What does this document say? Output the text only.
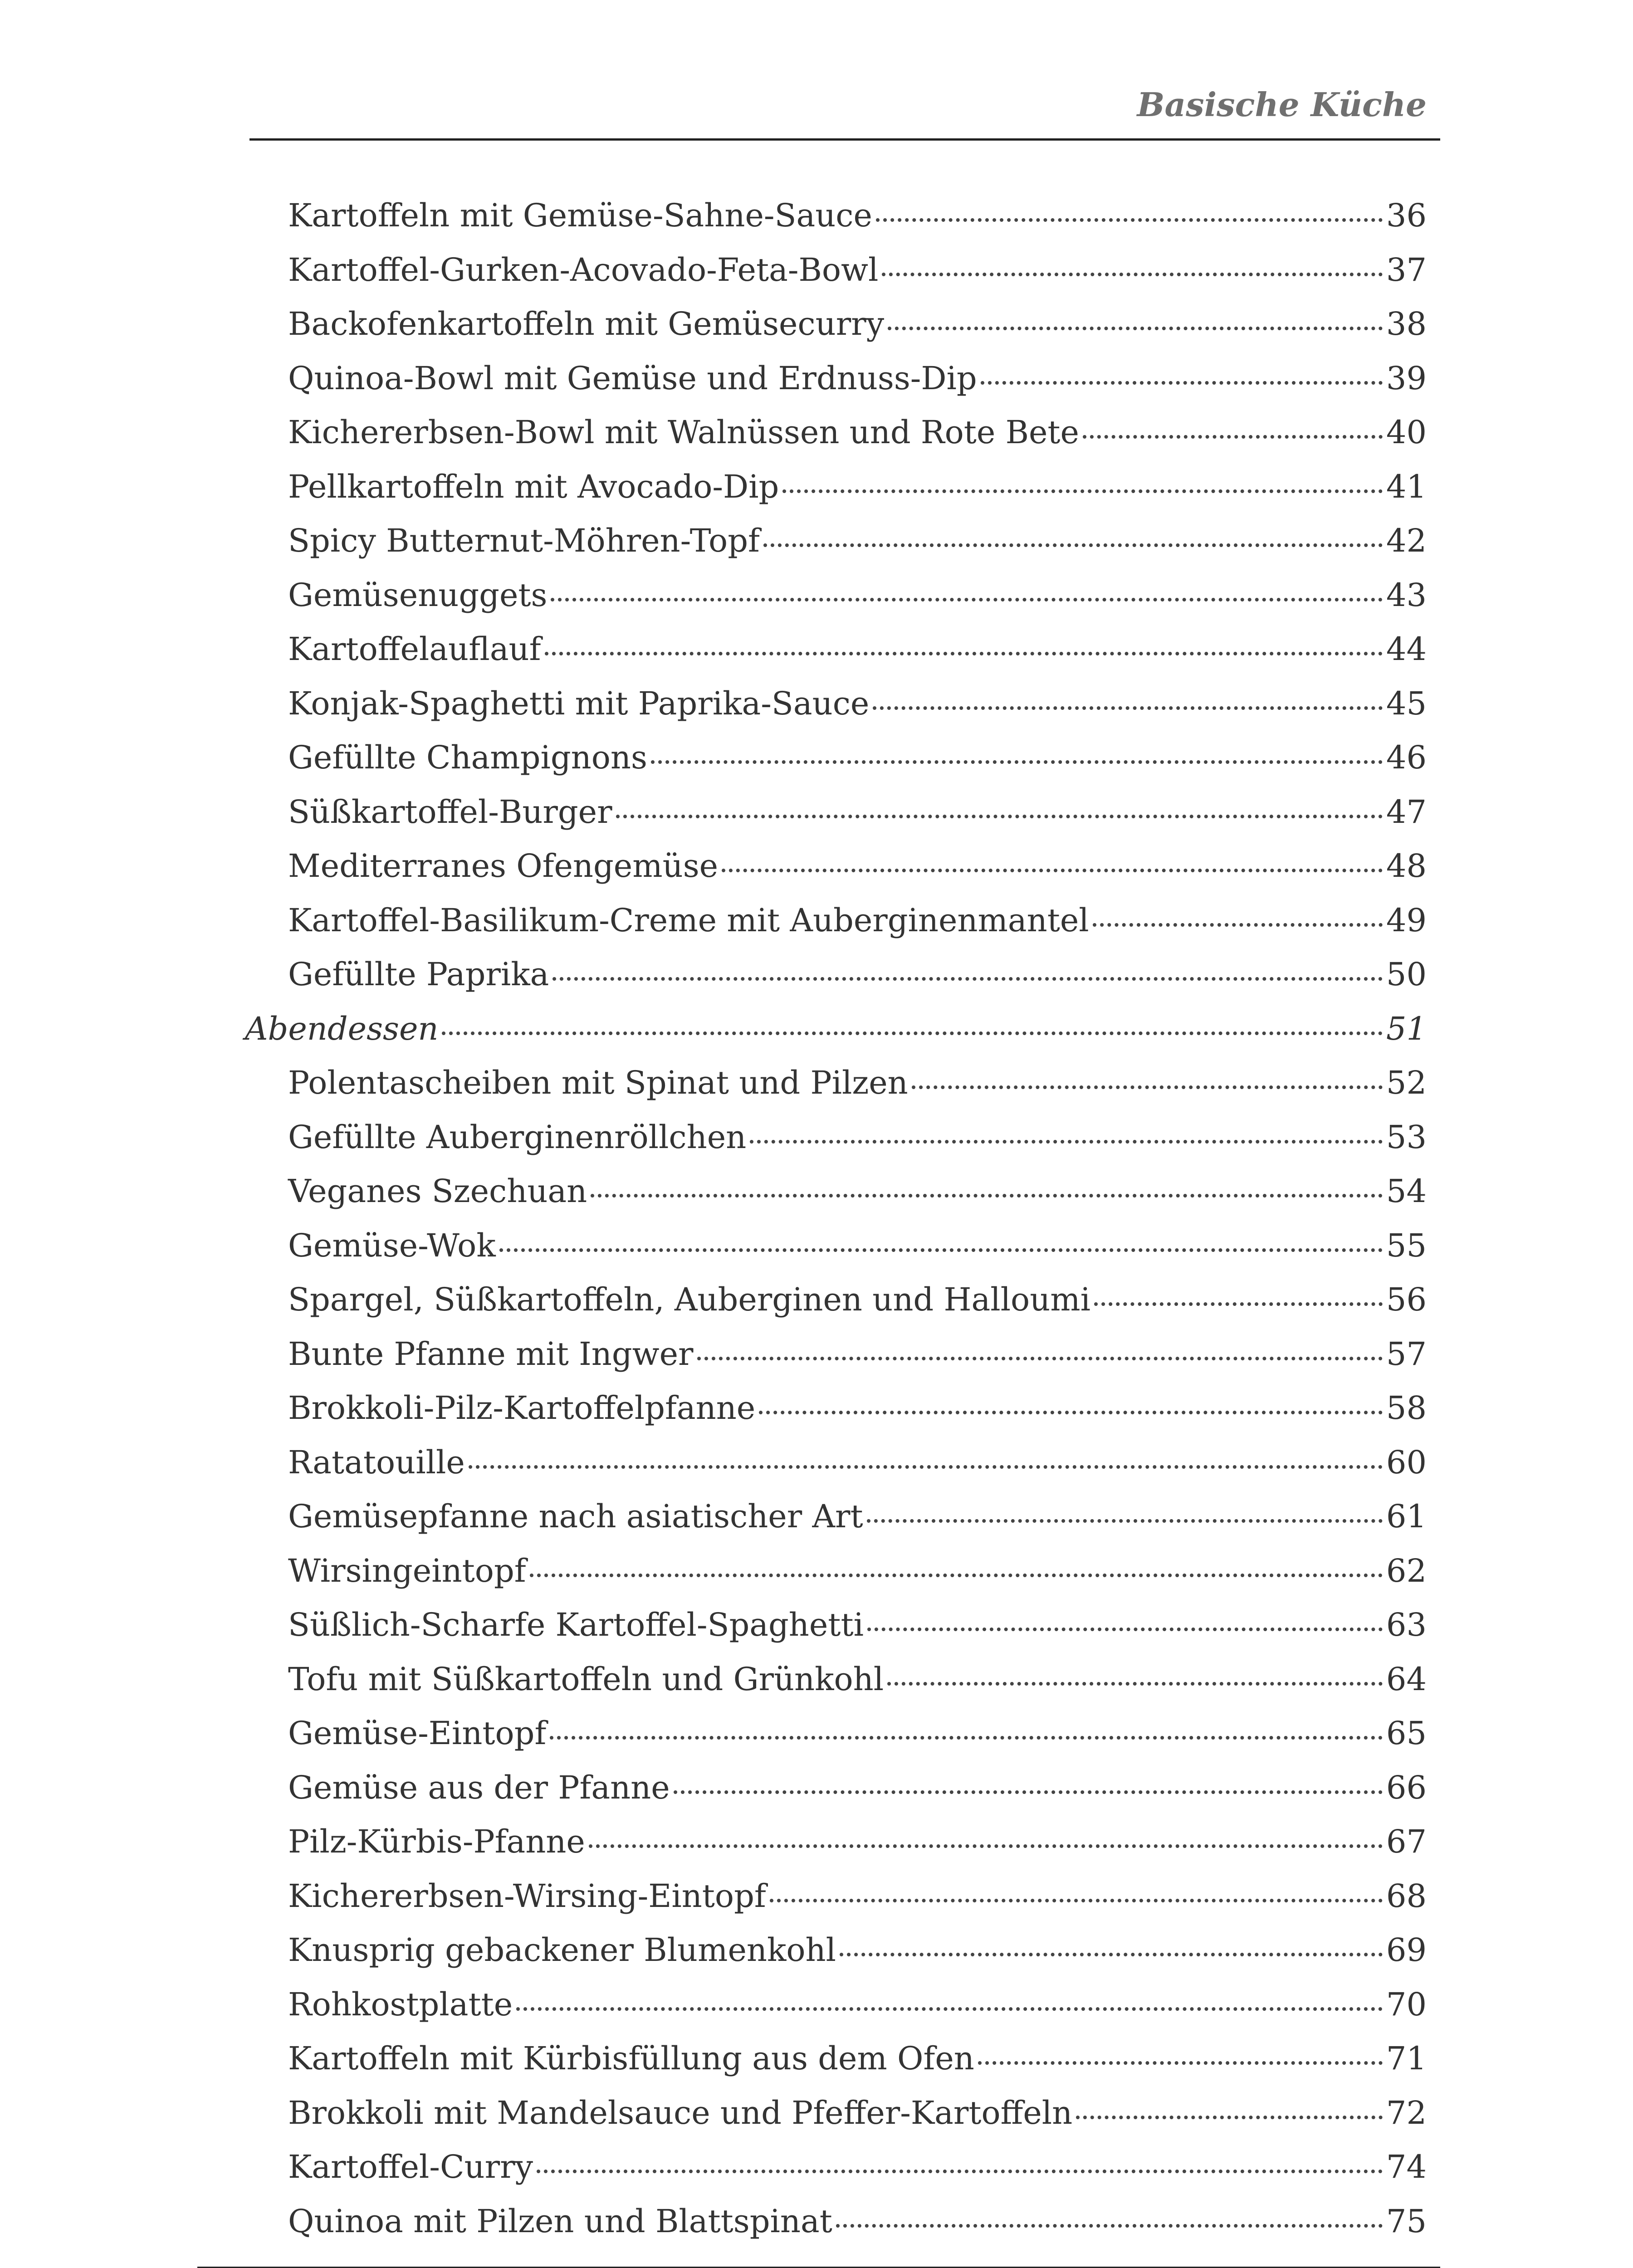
Basische Küche
Kartoffeln mit Gemüse-Sahne-Sauce	36
Kartoffel-Gurken-Acovado-Feta-Bowl	37
Backofenkartoffeln mit Gemüsecurry	38
Quinoa-Bowl mit Gemüse und Erdnuss-Dip	39
Kichererbsen-Bowl mit Walnüssen und Rote Bete	40
Pellkartoffeln mit Avocado-Dip	41
Spicy Butternut-Möhren-Topf	42
Gemüsenuggets	43
Kartoffelauflauf	44
Konjak-Spaghetti mit Paprika-Sauce	45
Gefüllte Champignons	46
Süßkartoffel-Burger	47
Mediterranes Ofengemüse	48
Kartoffel-Basilikum-Creme mit Auberginenmantel	49
Gefüllte Paprika	50
Abendessen	51
Polentascheiben mit Spinat und Pilzen	52
Gefüllte Auberginenröllchen	53
Veganes Szechuan	54
Gemüse-Wok	55
Spargel, Süßkartoffeln, Auberginen und Halloumi	56
Bunte Pfanne mit Ingwer	57
Brokkoli-Pilz-Kartoffelpfanne	58
Ratatouille	60
Gemüsepfanne nach asiatischer Art	61
Wirsingeintopf	62
Süßlich-Scharfe Kartoffel-Spaghetti	63
Tofu mit Süßkartoffeln und Grünkohl	64
Gemüse-Eintopf	65
Gemüse aus der Pfanne	66
Pilz-Kürbis-Pfanne	67
Kichererbsen-Wirsing-Eintopf	68
Knusprig gebackener Blumenkohl	69
Rohkostplatte	70
Kartoffeln mit Kürbisfüllung aus dem Ofen	71
Brokkoli mit Mandelsauce und Pfeffer-Kartoffeln	72
Kartoffel-Curry	74
Quinoa mit Pilzen und Blattspinat	75
